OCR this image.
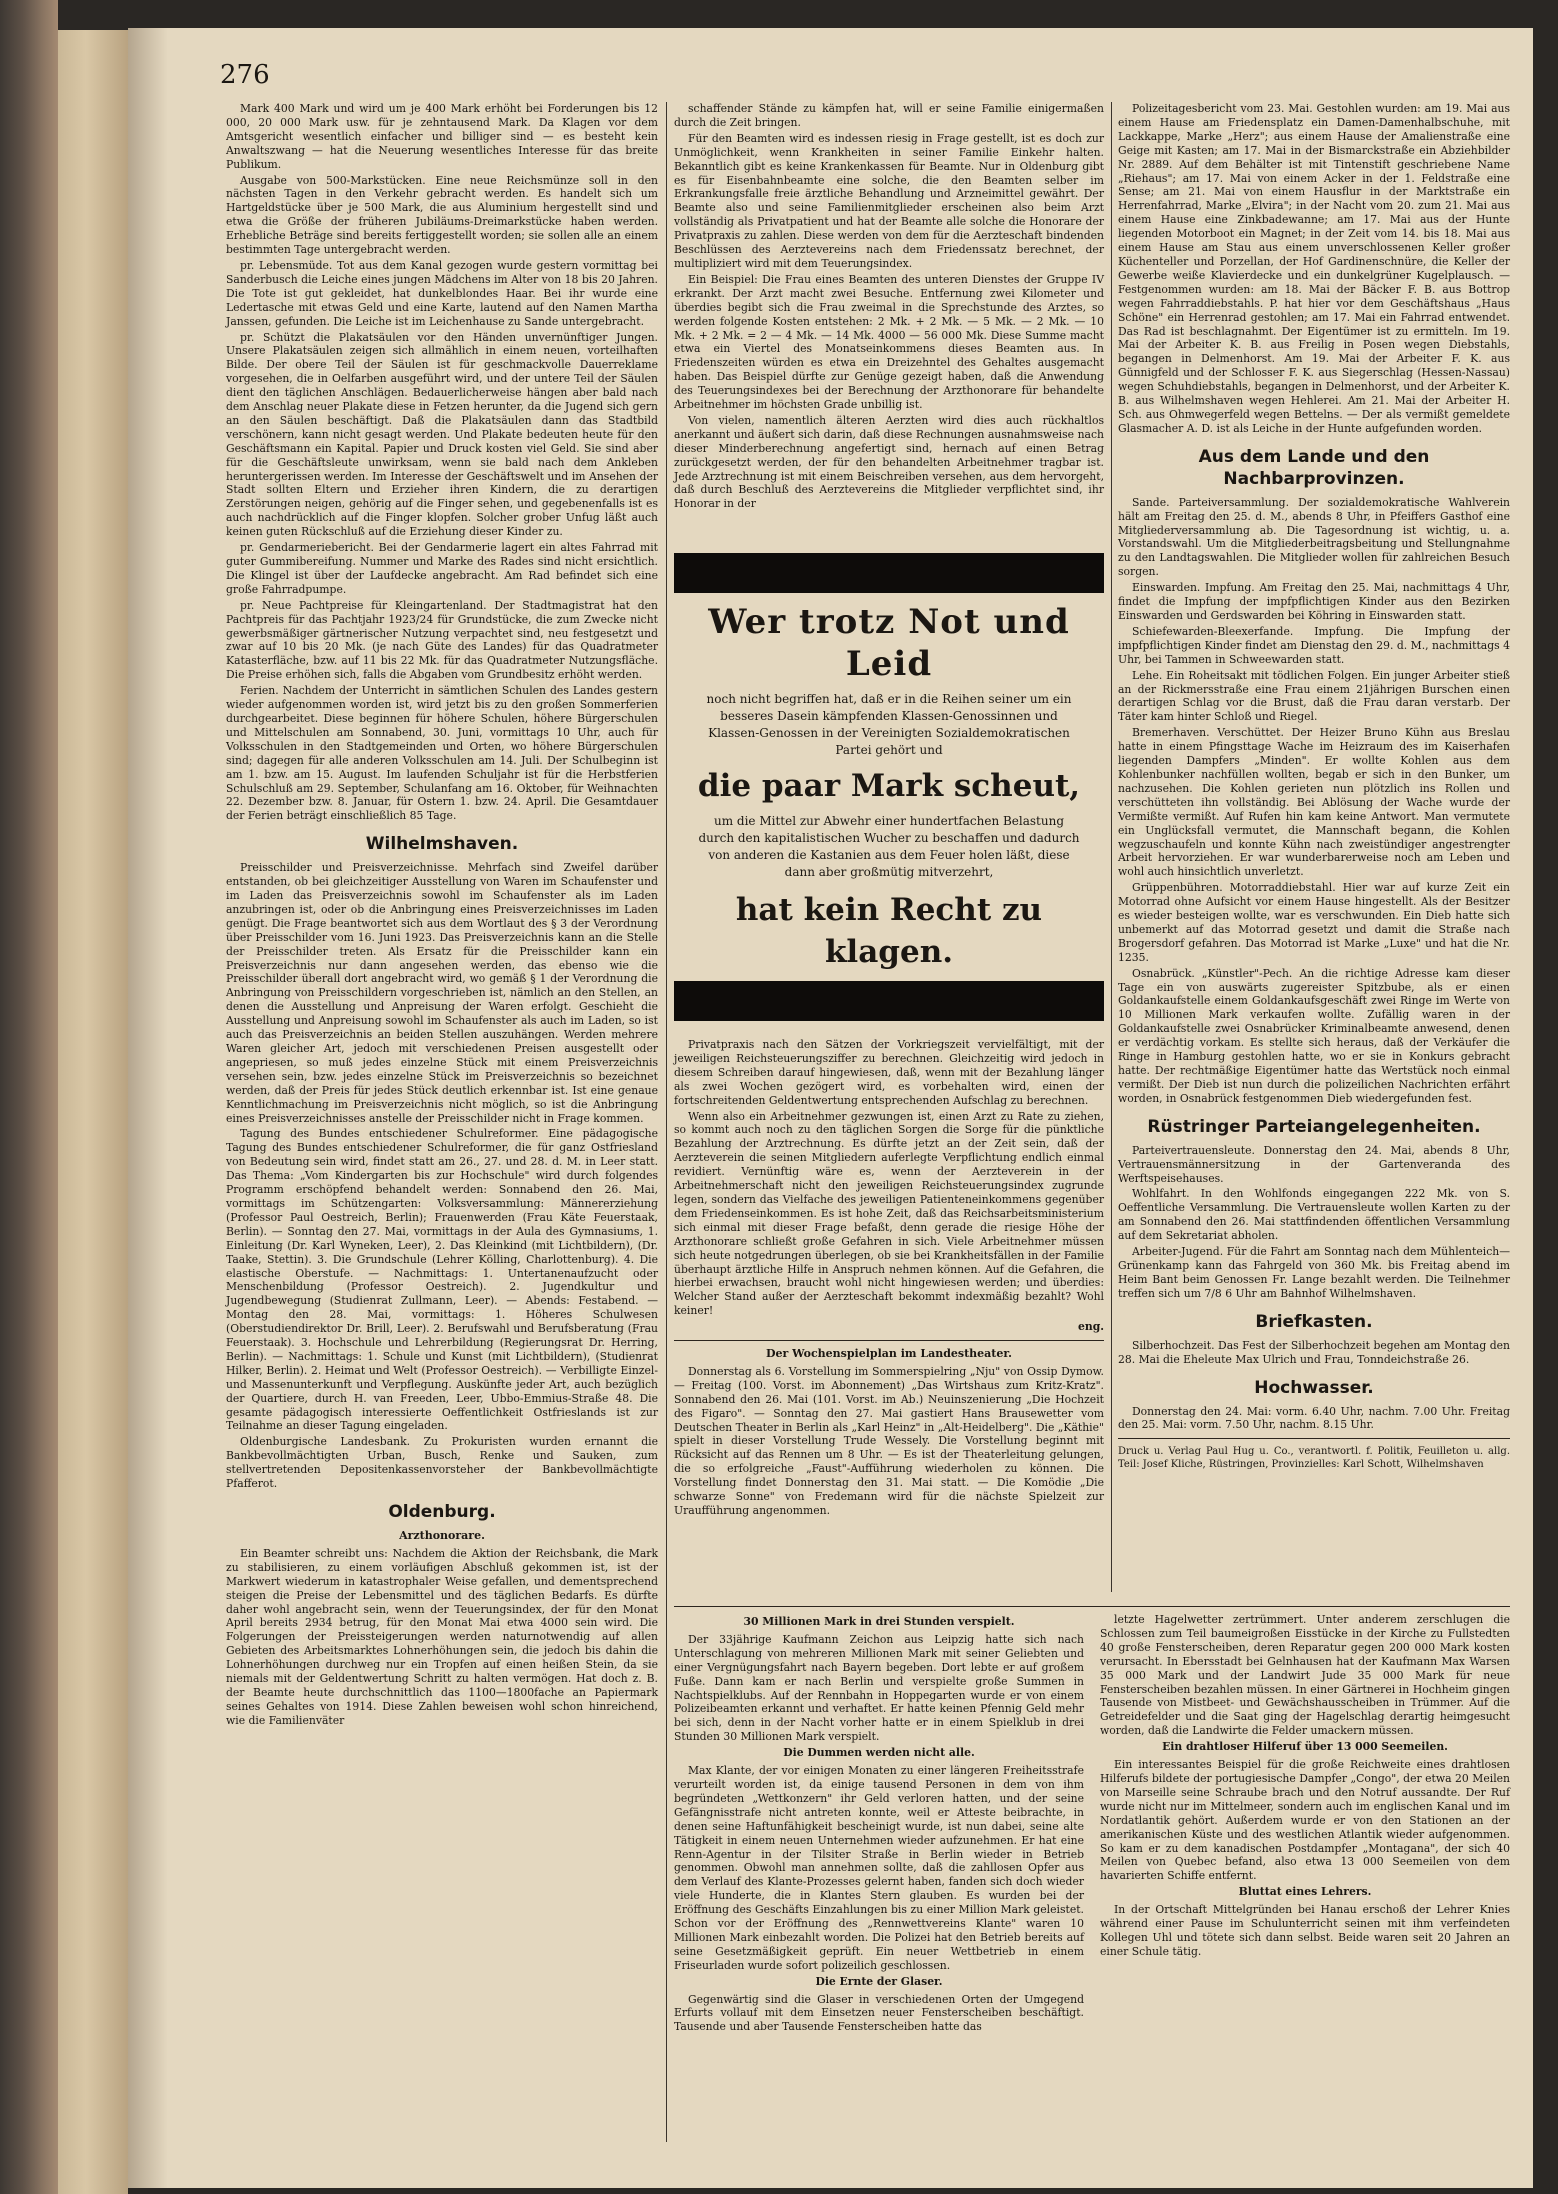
276

Mark 400 Mark und wird um je 400 Mark erhöht bei Forderungen bis 12 000, 20 000 Mark usw. für je zehntausend Mark. Da Klagen vor dem Amtsgericht wesentlich einfacher und billiger sind — es besteht kein Anwaltszwang — hat die Neuerung wesentliches Interesse für das breite Publikum.

Ausgabe von 500-Markstücken. Eine neue Reichsmünze soll in den nächsten Tagen in den Verkehr gebracht werden. Es handelt sich um Hartgeldstücke über je 500 Mark, die aus Aluminium hergestellt sind und etwa die Größe der früheren Jubiläums-Dreimarkstücke haben werden. Erhebliche Beträge sind bereits fertiggestellt worden; sie sollen alle an einem bestimmten Tage untergebracht werden.

pr. Lebensmüde. Tot aus dem Kanal gezogen wurde gestern vormittag bei Sanderbusch die Leiche eines jungen Mädchens im Alter von 18 bis 20 Jahren. Die Tote ist gut gekleidet, hat dunkelblondes Haar. Bei ihr wurde eine Ledertasche mit etwas Geld und eine Karte, lautend auf den Namen Martha Janssen, gefunden. Die Leiche ist im Leichenhause zu Sande untergebracht.

pr. Schützt die Plakatsäulen vor den Händen unvernünftiger Jungen. Unsere Plakatsäulen zeigen sich allmählich in einem neuen, vorteilhaften Bilde. Der obere Teil der Säulen ist für geschmackvolle Dauerreklame vorgesehen, die in Oelfarben ausgeführt wird, und der untere Teil der Säulen dient den täglichen Anschlägen. Bedauerlicherweise hängen aber bald nach dem Anschlag neuer Plakate diese in Fetzen herunter, da die Jugend sich gern an den Säulen beschäftigt. Daß die Plakatsäulen dann das Stadtbild verschönern, kann nicht gesagt werden. Und Plakate bedeuten heute für den Geschäftsmann ein Kapital. Papier und Druck kosten viel Geld. Sie sind aber für die Geschäftsleute unwirksam, wenn sie bald nach dem Ankleben heruntergerissen werden. Im Interesse der Geschäftswelt und im Ansehen der Stadt sollten Eltern und Erzieher ihren Kindern, die zu derartigen Zerstörungen neigen, gehörig auf die Finger sehen, und gegebenenfalls ist es auch nachdrücklich auf die Finger klopfen. Solcher grober Unfug läßt auch keinen guten Rückschluß auf die Erziehung dieser Kinder zu.

pr. Gendarmeriebericht. Bei der Gendarmerie lagert ein altes Fahrrad mit guter Gummibereifung. Nummer und Marke des Rades sind nicht ersichtlich. Die Klingel ist über der Laufdecke angebracht. Am Rad befindet sich eine große Fahrradpumpe.

pr. Neue Pachtpreise für Kleingartenland. Der Stadtmagistrat hat den Pachtpreis für das Pachtjahr 1923/24 für Grundstücke, die zum Zwecke nicht gewerbsmäßiger gärtnerischer Nutzung verpachtet sind, neu festgesetzt und zwar auf 10 bis 20 Mk. (je nach Güte des Landes) für das Quadratmeter Katasterfläche, bzw. auf 11 bis 22 Mk. für das Quadratmeter Nutzungsfläche. Die Preise erhöhen sich, falls die Abgaben vom Grundbesitz erhöht werden.

Ferien. Nachdem der Unterricht in sämtlichen Schulen des Landes gestern wieder aufgenommen worden ist, wird jetzt bis zu den großen Sommerferien durchgearbeitet. Diese beginnen für höhere Schulen, höhere Bürgerschulen und Mittelschulen am Sonnabend, 30. Juni, vormittags 10 Uhr, auch für Volksschulen in den Stadtgemeinden und Orten, wo höhere Bürgerschulen sind; dagegen für alle anderen Volksschulen am 14. Juli. Der Schulbeginn ist am 1. bzw. am 15. August. Im laufenden Schuljahr ist für die Herbstferien Schulschluß am 29. September, Schulanfang am 16. Oktober, für Weihnachten 22. Dezember bzw. 8. Januar, für Ostern 1. bzw. 24. April. Die Gesamtdauer der Ferien beträgt einschließlich 85 Tage.

Wilhelmshaven.

Preisschilder und Preisverzeichnisse. Mehrfach sind Zweifel darüber entstanden, ob bei gleichzeitiger Ausstellung von Waren im Schaufenster und im Laden das Preisverzeichnis sowohl im Schaufenster als im Laden anzubringen ist, oder ob die Anbringung eines Preisverzeichnisses im Laden genügt. Die Frage beantwortet sich aus dem Wortlaut des § 3 der Verordnung über Preisschilder vom 16. Juni 1923. Das Preisverzeichnis kann an die Stelle der Preisschilder treten. Als Ersatz für die Preisschilder kann ein Preisverzeichnis nur dann angesehen werden, das ebenso wie die Preisschilder überall dort angebracht wird, wo gemäß § 1 der Verordnung die Anbringung von Preisschildern vorgeschrieben ist, nämlich an den Stellen, an denen die Ausstellung und Anpreisung der Waren erfolgt. Geschieht die Ausstellung und Anpreisung sowohl im Schaufenster als auch im Laden, so ist auch das Preisverzeichnis an beiden Stellen auszuhängen. Werden mehrere Waren gleicher Art, jedoch mit verschiedenen Preisen ausgestellt oder angepriesen, so muß jedes einzelne Stück mit einem Preisverzeichnis versehen sein, bzw. jedes einzelne Stück im Preisverzeichnis so bezeichnet werden, daß der Preis für jedes Stück deutlich erkennbar ist. Ist eine genaue Kenntlichmachung im Preisverzeichnis nicht möglich, so ist die Anbringung eines Preisverzeichnisses anstelle der Preisschilder nicht in Frage kommen.

Tagung des Bundes entschiedener Schulreformer. Eine pädagogische Tagung des Bundes entschiedener Schulreformer, die für ganz Ostfriesland von Bedeutung sein wird, findet statt am 26., 27. und 28. d. M. in Leer statt. Das Thema: „Vom Kindergarten bis zur Hochschule" wird durch folgendes Programm erschöpfend behandelt werden: Sonnabend den 26. Mai, vormittags im Schützengarten: Volksversammlung: Männererziehung (Professor Paul Oestreich, Berlin); Frauenwerden (Frau Käte Feuerstaak, Berlin). — Sonntag den 27. Mai, vormittags in der Aula des Gymnasiums, 1. Einleitung (Dr. Karl Wyneken, Leer), 2. Das Kleinkind (mit Lichtbildern), (Dr. Taake, Stettin). 3. Die Grundschule (Lehrer Kölling, Charlottenburg). 4. Die elastische Oberstufe. — Nachmittags: 1. Untertanenaufzucht oder Menschenbildung (Professor Oestreich). 2. Jugendkultur und Jugendbewegung (Studienrat Zullmann, Leer). — Abends: Festabend. — Montag den 28. Mai, vormittags: 1. Höheres Schulwesen (Oberstudiendirektor Dr. Brill, Leer). 2. Berufswahl und Berufsberatung (Frau Feuerstaak). 3. Hochschule und Lehrerbildung (Regierungsrat Dr. Herring, Berlin). — Nachmittags: 1. Schule und Kunst (mit Lichtbildern), (Studienrat Hilker, Berlin). 2. Heimat und Welt (Professor Oestreich). — Verbilligte Einzel- und Massenunterkunft und Verpflegung. Auskünfte jeder Art, auch bezüglich der Quartiere, durch H. van Freeden, Leer, Ubbo-Emmius-Straße 48. Die gesamte pädagogisch interessierte Oeffentlichkeit Ostfrieslands ist zur Teilnahme an dieser Tagung eingeladen.

Oldenburgische Landesbank. Zu Prokuristen wurden ernannt die Bankbevollmächtigten Urban, Busch, Renke und Sauken, zum stellvertretenden Depositenkassenvorsteher der Bankbevollmächtigte Pfafferot.

Oldenburg.
Arzthonorare.

Ein Beamter schreibt uns: Nachdem die Aktion der Reichsbank, die Mark zu stabilisieren, zu einem vorläufigen Abschluß gekommen ist, ist der Markwert wiederum in katastrophaler Weise gefallen, und dementsprechend steigen die Preise der Lebensmittel und des täglichen Bedarfs. Es dürfte daher wohl angebracht sein, wenn der Teuerungsindex, der für den Monat April bereits 2934 betrug, für den Monat Mai etwa 4000 sein wird. Die Folgerungen der Preissteigerungen werden naturnotwendig auf allen Gebieten des Arbeitsmarktes Lohnerhöhungen sein, die jedoch bis dahin die Lohnerhöhungen durchweg nur ein Tropfen auf einen heißen Stein, da sie niemals mit der Geldentwertung Schritt zu halten vermögen. Hat doch z. B. der Beamte heute durchschnittlich das 1100—1800fache an Papiermark seines Gehaltes von 1914. Diese Zahlen beweisen wohl schon hinreichend, wie die Familienväter

schaffender Stände zu kämpfen hat, will er seine Familie einigermaßen durch die Zeit bringen.

Für den Beamten wird es indessen riesig in Frage gestellt, ist es doch zur Unmöglichkeit, wenn Krankheiten in seiner Familie Einkehr halten. Bekanntlich gibt es keine Krankenkassen für Beamte. Nur in Oldenburg gibt es für Eisenbahnbeamte eine solche, die den Beamten selber im Erkrankungsfalle freie ärztliche Behandlung und Arzneimittel gewährt. Der Beamte also und seine Familienmitglieder erscheinen also beim Arzt vollständig als Privatpatient und hat der Beamte alle solche die Honorare der Privatpraxis zu zahlen. Diese werden von dem für die Aerzteschaft bindenden Beschlüssen des Aerztevereins nach dem Friedenssatz berechnet, der multipliziert wird mit dem Teuerungsindex.

Ein Beispiel: Die Frau eines Beamten des unteren Dienstes der Gruppe IV erkrankt. Der Arzt macht zwei Besuche. Entfernung zwei Kilometer und überdies begibt sich die Frau zweimal in die Sprechstunde des Arztes, so werden folgende Kosten entstehen: 2 Mk. + 2 Mk. — 5 Mk. — 2 Mk. — 10 Mk. + 2 Mk. = 2 — 4 Mk. — 14 Mk. 4000 — 56 000 Mk. Diese Summe macht etwa ein Viertel des Monatseinkommens dieses Beamten aus. In Friedenszeiten würden es etwa ein Dreizehntel des Gehaltes ausgemacht haben. Das Beispiel dürfte zur Genüge gezeigt haben, daß die Anwendung des Teuerungsindexes bei der Berechnung der Arzthonorare für behandelte Arbeitnehmer im höchsten Grade unbillig ist.

Von vielen, namentlich älteren Aerzten wird dies auch rückhaltlos anerkannt und äußert sich darin, daß diese Rechnungen ausnahmsweise nach dieser Minderberechnung angefertigt sind, hernach auf einen Betrag zurückgesetzt werden, der für den behandelten Arbeitnehmer tragbar ist. Jede Arztrechnung ist mit einem Beischreiben versehen, aus dem hervorgeht, daß durch Beschluß des Aerztevereins die Mitglieder verpflichtet sind, ihr Honorar in der

Wer trotz Not und Leid
noch nicht begriffen hat, daß er in die Reihen seiner um ein besseres Dasein kämpfenden Klassen-Genossinnen und Klassen-Genossen in der Vereinigten Sozialdemokratischen Partei gehört und
die paar Mark scheut,
um die Mittel zur Abwehr einer hundertfachen Belastung durch den kapitalistischen Wucher zu beschaffen und dadurch von anderen die Kastanien aus dem Feuer holen läßt, diese dann aber großmütig mitverzehrt,
hat kein Recht zu klagen.

Privatpraxis nach den Sätzen der Vorkriegszeit vervielfältigt, mit der jeweiligen Reichsteuerungsziffer zu berechnen. Gleichzeitig wird jedoch in diesem Schreiben darauf hingewiesen, daß, wenn mit der Bezahlung länger als zwei Wochen gezögert wird, es vorbehalten wird, einen der fortschreitenden Geldentwertung entsprechenden Aufschlag zu berechnen.

Wenn also ein Arbeitnehmer gezwungen ist, einen Arzt zu Rate zu ziehen, so kommt auch noch zu den täglichen Sorgen die Sorge für die pünktliche Bezahlung der Arztrechnung. Es dürfte jetzt an der Zeit sein, daß der Aerzteverein die seinen Mitgliedern auferlegte Verpflichtung endlich einmal revidiert. Vernünftig wäre es, wenn der Aerzteverein in der Arbeitnehmerschaft nicht den jeweiligen Reichsteuerungsindex zugrunde legen, sondern das Vielfache des jeweiligen Patienteneinkommens gegenüber dem Friedenseinkommen. Es ist hohe Zeit, daß das Reichsarbeitsministerium sich einmal mit dieser Frage befaßt, denn gerade die riesige Höhe der Arzthonorare schließt große Gefahren in sich. Viele Arbeitnehmer müssen sich heute notgedrungen überlegen, ob sie bei Krankheitsfällen in der Familie überhaupt ärztliche Hilfe in Anspruch nehmen können. Auf die Gefahren, die hierbei erwachsen, braucht wohl nicht hingewiesen werden; und überdies: Welcher Stand außer der Aerzteschaft bekommt indexmäßig bezahlt? Wohl keiner!

eng.
Der Wochenspielplan im Landestheater.

Donnerstag als 6. Vorstellung im Sommerspielring „Nju" von Ossip Dymow. — Freitag (100. Vorst. im Abonnement) „Das Wirtshaus zum Kritz-Kratz". Sonnabend den 26. Mai (101. Vorst. im Ab.) Neuinszenierung „Die Hochzeit des Figaro". — Sonntag den 27. Mai gastiert Hans Brausewetter vom Deutschen Theater in Berlin als „Karl Heinz" in „Alt-Heidelberg". Die „Käthie" spielt in dieser Vorstellung Trude Wessely. Die Vorstellung beginnt mit Rücksicht auf das Rennen um 8 Uhr. — Es ist der Theaterleitung gelungen, die so erfolgreiche „Faust"-Aufführung wiederholen zu können. Die Vorstellung findet Donnerstag den 31. Mai statt. — Die Komödie „Die schwarze Sonne" von Fredemann wird für die nächste Spielzeit zur Uraufführung angenommen.

Polizeitagesbericht vom 23. Mai. Gestohlen wurden: am 19. Mai aus einem Hause am Friedensplatz ein Damen-Damenhalbschuhe, mit Lackkappe, Marke „Herz"; aus einem Hause der Amalienstraße eine Geige mit Kasten; am 17. Mai in der Bismarckstraße ein Abziehbilder Nr. 2889. Auf dem Behälter ist mit Tintenstift geschriebene Name „Riehaus"; am 17. Mai von einem Acker in der 1. Feldstraße eine Sense; am 21. Mai von einem Hausflur in der Marktstraße ein Herrenfahrrad, Marke „Elvira"; in der Nacht vom 20. zum 21. Mai aus einem Hause eine Zinkbadewanne; am 17. Mai aus der Hunte liegenden Motorboot ein Magnet; in der Zeit vom 14. bis 18. Mai aus einem Hause am Stau aus einem unverschlossenen Keller großer Küchenteller und Porzellan, der Hof Gardinenschnüre, die Keller der Gewerbe weiße Klavierdecke und ein dunkelgrüner Kugelplausch. — Festgenommen wurden: am 18. Mai der Bäcker F. B. aus Bottrop wegen Fahrraddiebstahls. P. hat hier vor dem Geschäftshaus „Haus Schöne" ein Herrenrad gestohlen; am 17. Mai ein Fahrrad entwendet. Das Rad ist beschlagnahmt. Der Eigentümer ist zu ermitteln. Im 19. Mai der Arbeiter K. B. aus Freilig in Posen wegen Diebstahls, begangen in Delmenhorst. Am 19. Mai der Arbeiter F. K. aus Günnigfeld und der Schlosser F. K. aus Siegerschlag (Hessen-Nassau) wegen Schuhdiebstahls, begangen in Delmenhorst, und der Arbeiter K. B. aus Wilhelmshaven wegen Hehlerei. Am 21. Mai der Arbeiter H. Sch. aus Ohmwegerfeld wegen Bettelns. — Der als vermißt gemeldete Glasmacher A. D. ist als Leiche in der Hunte aufgefunden worden.

Aus dem Lande und den Nachbarprovinzen.

Sande. Parteiversammlung. Der sozialdemokratische Wahlverein hält am Freitag den 25. d. M., abends 8 Uhr, in Pfeiffers Gasthof eine Mitgliederversammlung ab. Die Tagesordnung ist wichtig, u. a. Vorstandswahl. Um die Mitgliederbeitragsbeitung und Stellungnahme zu den Landtagswahlen. Die Mitglieder wollen für zahlreichen Besuch sorgen.

Einswarden. Impfung. Am Freitag den 25. Mai, nachmittags 4 Uhr, findet die Impfung der impfpflichtigen Kinder aus den Bezirken Einswarden und Gerdswarden bei Köhring in Einswarden statt.

Schiefewarden-Bleexerfande. Impfung. Die Impfung der impfpflichtigen Kinder findet am Dienstag den 29. d. M., nachmittags 4 Uhr, bei Tammen in Schweewarden statt.

Lehe. Ein Roheitsakt mit tödlichen Folgen. Ein junger Arbeiter stieß an der Rickmersstraße eine Frau einem 21jährigen Burschen einen derartigen Schlag vor die Brust, daß die Frau daran verstarb. Der Täter kam hinter Schloß und Riegel.

Bremerhaven. Verschüttet. Der Heizer Bruno Kühn aus Breslau hatte in einem Pfingsttage Wache im Heizraum des im Kaiserhafen liegenden Dampfers „Minden". Er wollte Kohlen aus dem Kohlenbunker nachfüllen wollten, begab er sich in den Bunker, um nachzusehen. Die Kohlen gerieten nun plötzlich ins Rollen und verschütteten ihn vollständig. Bei Ablösung der Wache wurde der Vermißte vermißt. Auf Rufen hin kam keine Antwort. Man vermutete ein Unglücksfall vermutet, die Mannschaft begann, die Kohlen wegzuschaufeln und konnte Kühn nach zweistündiger angestrengter Arbeit hervorziehen. Er war wunderbarerweise noch am Leben und wohl auch hinsichtlich unverletzt.

Grüppenbühren. Motorraddiebstahl. Hier war auf kurze Zeit ein Motorrad ohne Aufsicht vor einem Hause hingestellt. Als der Besitzer es wieder besteigen wollte, war es verschwunden. Ein Dieb hatte sich unbemerkt auf das Motorrad gesetzt und damit die Straße nach Brogersdorf gefahren. Das Motorrad ist Marke „Luxe" und hat die Nr. 1235.

Osnabrück. „Künstler"-Pech. An die richtige Adresse kam dieser Tage ein von auswärts zugereister Spitzbube, als er einen Goldankaufstelle einem Goldankaufsgeschäft zwei Ringe im Werte von 10 Millionen Mark verkaufen wollte. Zufällig waren in der Goldankaufstelle zwei Osnabrücker Kriminalbeamte anwesend, denen er verdächtig vorkam. Es stellte sich heraus, daß der Verkäufer die Ringe in Hamburg gestohlen hatte, wo er sie in Konkurs gebracht hatte. Der rechtmäßige Eigentümer hatte das Wertstück noch einmal vermißt. Der Dieb ist nun durch die polizeilichen Nachrichten erfährt worden, in Osnabrück festgenommen Dieb wiedergefunden fest.

Rüstringer Parteiangelegenheiten.

Parteivertrauensleute. Donnerstag den 24. Mai, abends 8 Uhr, Vertrauensmännersitzung in der Gartenveranda des Werftspeisehauses.

Wohlfahrt. In den Wohlfonds eingegangen 222 Mk. von S. Oeffentliche Versammlung. Die Vertrauensleute wollen Karten zu der am Sonnabend den 26. Mai stattfindenden öffentlichen Versammlung auf dem Sekretariat abholen.

Arbeiter-Jugend. Für die Fahrt am Sonntag nach dem Mühlenteich—Grünenkamp kann das Fahrgeld von 360 Mk. bis Freitag abend im Heim Bant beim Genossen Fr. Lange bezahlt werden. Die Teilnehmer treffen sich um 7/8 6 Uhr am Bahnhof Wilhelmshaven.

Briefkasten.

Silberhochzeit. Das Fest der Silberhochzeit begehen am Montag den 28. Mai die Eheleute Max Ulrich und Frau, Tonndeichstraße 26.

Hochwasser.

Donnerstag den 24. Mai: vorm. 6.40 Uhr, nachm. 7.00 Uhr. Freitag den 25. Mai: vorm. 7.50 Uhr, nachm. 8.15 Uhr.

Druck u. Verlag Paul Hug u. Co., verantwortl. f. Politik, Feuilleton u. allg. Teil: Josef Kliche, Rüstringen, Provinzielles: Karl Schott, Wilhelmshaven
30 Millionen Mark in drei Stunden verspielt.

Der 33jährige Kaufmann Zeichon aus Leipzig hatte sich nach Unterschlagung von mehreren Millionen Mark mit seiner Geliebten und einer Vergnügungsfahrt nach Bayern begeben. Dort lebte er auf großem Fuße. Dann kam er nach Berlin und verspielte große Summen in Nachtspielklubs. Auf der Rennbahn in Hoppegarten wurde er von einem Polizeibeamten erkannt und verhaftet. Er hatte keinen Pfennig Geld mehr bei sich, denn in der Nacht vorher hatte er in einem Spielklub in drei Stunden 30 Millionen Mark verspielt.

Die Dummen werden nicht alle.

Max Klante, der vor einigen Monaten zu einer längeren Freiheitsstrafe verurteilt worden ist, da einige tausend Personen in dem von ihm begründeten „Wettkonzern" ihr Geld verloren hatten, und der seine Gefängnisstrafe nicht antreten konnte, weil er Atteste beibrachte, in denen seine Haftunfähigkeit bescheinigt wurde, ist nun dabei, seine alte Tätigkeit in einem neuen Unternehmen wieder aufzunehmen. Er hat eine Renn-Agentur in der Tilsiter Straße in Berlin wieder in Betrieb genommen. Obwohl man annehmen sollte, daß die zahllosen Opfer aus dem Verlauf des Klante-Prozesses gelernt haben, fanden sich doch wieder viele Hunderte, die in Klantes Stern glauben. Es wurden bei der Eröffnung des Geschäfts Einzahlungen bis zu einer Million Mark geleistet. Schon vor der Eröffnung des „Rennwettvereins Klante" waren 10 Millionen Mark einbezahlt worden. Die Polizei hat den Betrieb bereits auf seine Gesetzmäßigkeit geprüft. Ein neuer Wettbetrieb in einem Friseurladen wurde sofort polizeilich geschlossen.

Die Ernte der Glaser.

Gegenwärtig sind die Glaser in verschiedenen Orten der Umgegend Erfurts vollauf mit dem Einsetzen neuer Fensterscheiben beschäftigt. Tausende und aber Tausende Fensterscheiben hatte das

letzte Hagelwetter zertrümmert. Unter anderem zerschlugen die Schlossen zum Teil baumeigroßen Eisstücke in der Kirche zu Fullstedten 40 große Fensterscheiben, deren Reparatur gegen 200 000 Mark kosten verursacht. In Ebersstadt bei Gelnhausen hat der Kaufmann Max Warsen 35 000 Mark und der Landwirt Jude 35 000 Mark für neue Fensterscheiben bezahlen müssen. In einer Gärtnerei in Hochheim gingen Tausende von Mistbeet- und Gewächshausscheiben in Trümmer. Auf die Getreidefelder und die Saat ging der Hagelschlag derartig heimgesucht worden, daß die Landwirte die Felder umackern müssen.

Ein drahtloser Hilferuf über 13 000 Seemeilen.

Ein interessantes Beispiel für die große Reichweite eines drahtlosen Hilferufs bildete der portugiesische Dampfer „Congo", der etwa 20 Meilen von Marseille seine Schraube brach und den Notruf aussandte. Der Ruf wurde nicht nur im Mittelmeer, sondern auch im englischen Kanal und im Nordatlantik gehört. Außerdem wurde er von den Stationen an der amerikanischen Küste und des westlichen Atlantik wieder aufgenommen. So kam er zu dem kanadischen Postdampfer „Montagana", der sich 40 Meilen von Quebec befand, also etwa 13 000 Seemeilen von dem havarierten Schiffe entfernt.

Bluttat eines Lehrers.

In der Ortschaft Mittelgründen bei Hanau erschoß der Lehrer Knies während einer Pause im Schulunterricht seinen mit ihm verfeindeten Kollegen Uhl und tötete sich dann selbst. Beide waren seit 20 Jahren an einer Schule tätig.
